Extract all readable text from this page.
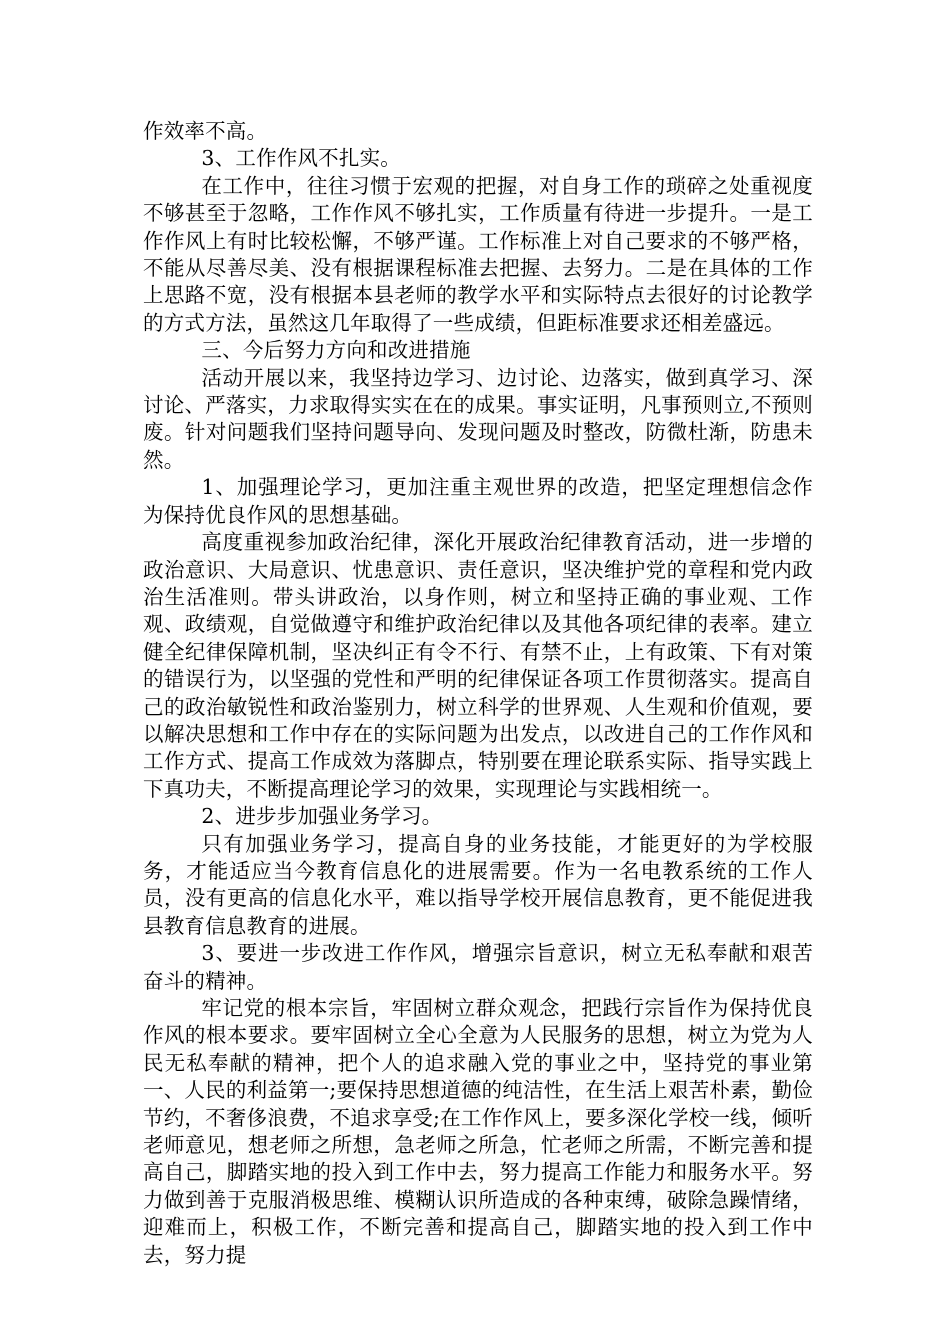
作效率不高。

3、工作作风不扎实。

在工作中，往往习惯于宏观的把握，对自身工作的琐碎之处重视度不够甚至于忽略，工作作风不够扎实，工作质量有待进一步提升。一是工作作风上有时比较松懈，不够严谨。工作标准上对自己要求的不够严格，不能从尽善尽美、没有根据课程标准去把握、去努力。二是在具体的工作上思路不宽，没有根据本县老师的教学水平和实际特点去很好的讨论教学的方式方法，虽然这几年取得了一些成绩，但距标准要求还相差盛远。

三、今后努力方向和改进措施

活动开展以来，我坚持边学习、边讨论、边落实，做到真学习、深讨论、严落实，力求取得实实在在的成果。事实证明，凡事预则立,不预则废。针对问题我们坚持问题导向、发现问题及时整改，防微杜渐，防患未然。

1、加强理论学习，更加注重主观世界的改造，把坚定理想信念作为保持优良作风的思想基础。

高度重视参加政治纪律，深化开展政治纪律教育活动，进一步增的政治意识、大局意识、忧患意识、责任意识，坚决维护党的章程和党内政治生活准则。带头讲政治，以身作则，树立和坚持正确的事业观、工作观、政绩观，自觉做遵守和维护政治纪律以及其他各项纪律的表率。建立健全纪律保障机制，坚决纠正有令不行、有禁不止，上有政策、下有对策的错误行为，以坚强的党性和严明的纪律保证各项工作贯彻落实。提高自己的政治敏锐性和政治鉴别力，树立科学的世界观、人生观和价值观，要以解决思想和工作中存在的实际问题为出发点，以改进自己的工作作风和工作方式、提高工作成效为落脚点，特别要在理论联系实际、指导实践上下真功夫，不断提高理论学习的效果，实现理论与实践相统一。

2、进步步加强业务学习。

只有加强业务学习，提高自身的业务技能，才能更好的为学校服务，才能适应当今教育信息化的进展需要。作为一名电教系统的工作人员，没有更高的信息化水平，难以指导学校开展信息教育，更不能促进我县教育信息教育的进展。

3、要进一步改进工作作风，增强宗旨意识，树立无私奉献和艰苦奋斗的精神。

牢记党的根本宗旨，牢固树立群众观念，把践行宗旨作为保持优良作风的根本要求。要牢固树立全心全意为人民服务的思想，树立为党为人民无私奉献的精神，把个人的追求融入党的事业之中，坚持党的事业第一、人民的利益第一;要保持思想道德的纯洁性，在生活上艰苦朴素，勤俭节约，不奢侈浪费，不追求享受;在工作作风上，要多深化学校一线，倾听老师意见，想老师之所想，急老师之所急，忙老师之所需，不断完善和提高自己，脚踏实地的投入到工作中去，努力提高工作能力和服务水平。努力做到善于克服消极思维、模糊认识所造成的各种束缚，破除急躁情绪，迎难而上，积极工作，不断完善和提高自己，脚踏实地的投入到工作中去，努力提
